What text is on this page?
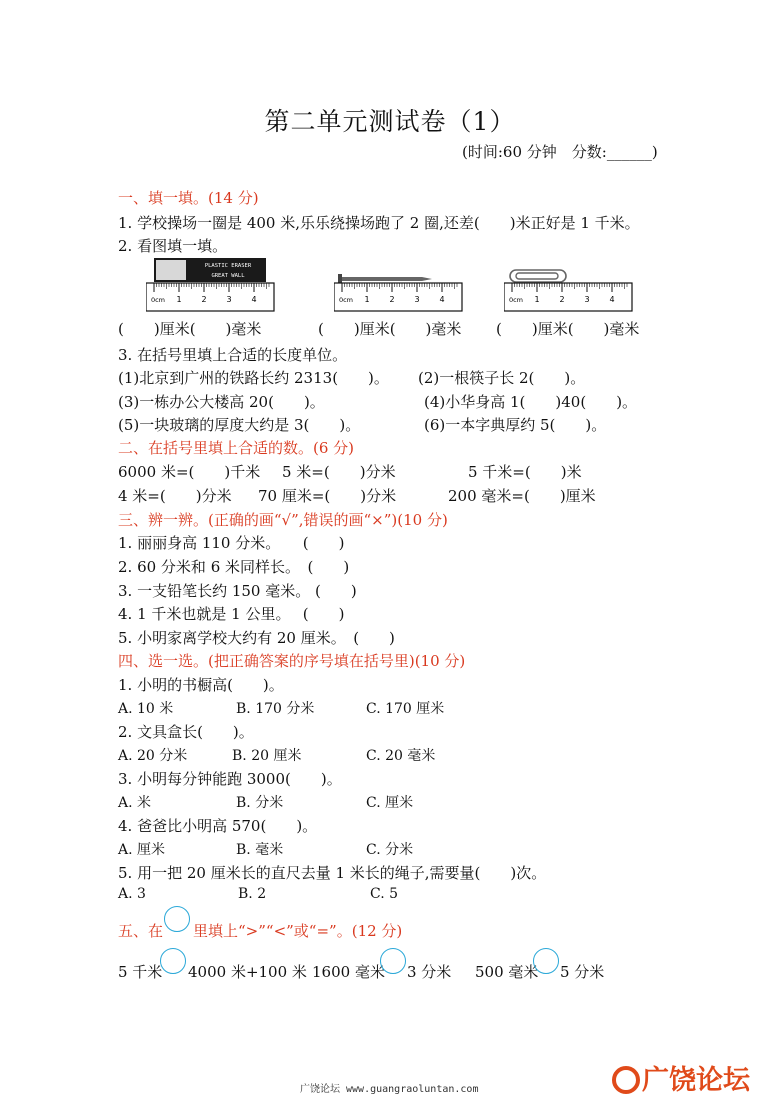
第二单元测试卷（1）
(时间:60 分钟　分数:______)
一、填一填。(14 分)
1. 学校操场一圈是 400 米,乐乐绕操场跑了 2 圈,还差(　　)米正好是 1 千米。
2. 看图填一填。
PLASTIC ERASER
GREAT WALL
0cm 1 2 3 4	0cm 1 2 3 4	0cm 1 2 3 4
(　　)厘米(　　)毫米	(　　)厘米(　　)毫米 (　　)厘米(　　)毫米
3. 在括号里填上合适的长度单位。
(1)北京到广州的铁路长约 2313(　　)。 (2)一根筷子长 2(　　)。
(3)一栋办公大楼高 20(　　)。	(4)小华身高 1(　　)40(　　)。
(5)一块玻璃的厚度大约是 3(　　)。	(6)一本字典厚约 5(　　)。
二、在括号里填上合适的数。(6 分)
6000 米=(　　)千米 5 米=(　　)分米	5 千米=(　　)米
4 米=(　　)分米 70 厘米=(　　)分米	200 毫米=(　　)厘米
三、辨一辨。(正确的画“√”,错误的画“×”)(10 分)
1. 丽丽身高 110 分米。　　(　　)
2. 60 分米和 6 米同样长。　(　　)
3. 一支铅笔长约 150 毫米。 (　　)
4. 1 千米也就是 1 公里。　 (　　)
5. 小明家离学校大约有 20 厘米。　(　　)
四、选一选。(把正确答案的序号填在括号里)(10 分)
1. 小明的书橱高(　　)。
A. 10 米	B. 170 分米	C. 170 厘米
2. 文具盒长(　　)。
A. 20 分米	B. 20 厘米	C. 20 毫米
3. 小明每分钟能跑 3000(　　)。
A. 米	B. 分米	C. 厘米
4. 爸爸比小明高 570(　　)。
A. 厘米	B. 毫米	C. 分米
5. 用一把 20 厘米长的直尺去量 1 米长的绳子,需要量(　　)次。
A. 3	B. 2	C. 5
五、在 里填上“>”“<”或“=”。(12 分)
5 千米 4000 米+100 米 1600 毫米 3 分米 500 毫米 5 分米
广饶论坛 www.guangraoluntan.com	广饶论坛
